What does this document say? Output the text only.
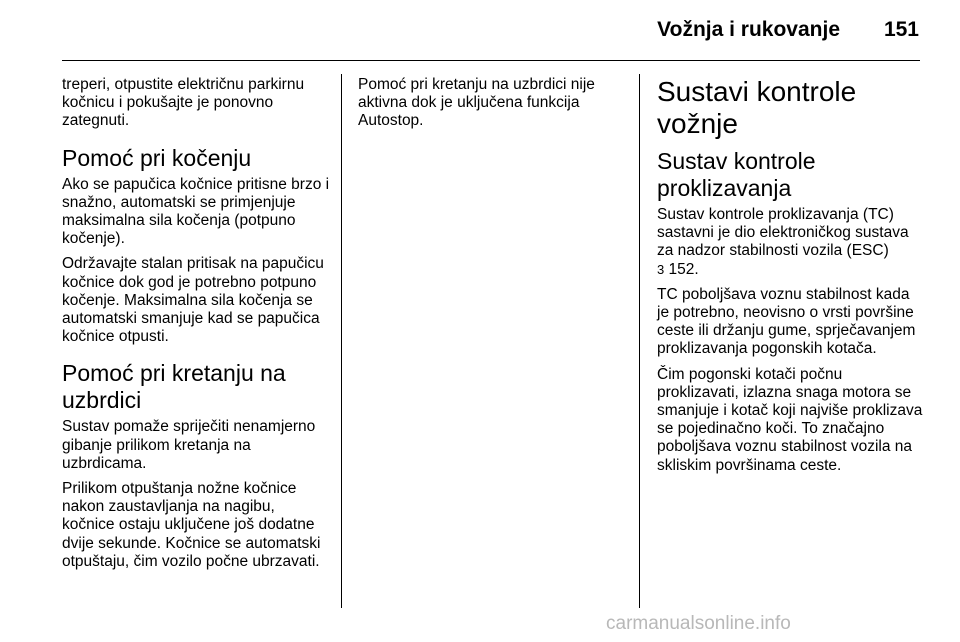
Vožnja i rukovanje 151

treperi, otpustite električnu parkirnu kočnicu i pokušajte je ponovno zategnuti.

Pomoć pri kočenju

Ako se papučica kočnice pritisne brzo i snažno, automatski se primjenjuje maksimalna sila kočenja (potpuno kočenje).

Održavajte stalan pritisak na papučicu kočnice dok god je potrebno potpuno kočenje. Maksimalna sila kočenja se automatski smanjuje kad se papučica kočnice otpusti.

Pomoć pri kretanju na uzbrdici

Sustav pomaže spriječiti nenamjerno gibanje prilikom kretanja na uzbrdicama.

Prilikom otpuštanja nožne kočnice nakon zaustavljanja na nagibu, kočnice ostaju uključene još dodatne dvije sekunde. Kočnice se automatski otpuštaju, čim vozilo počne ubrzavati.

Pomoć pri kretanju na uzbrdici nije aktivna dok je uključena funkcija Autostop.

Sustavi kontrole vožnje
Sustav kontrole proklizavanja

Sustav kontrole proklizavanja (TC) sastavni je dio elektroničkog sustava za nadzor stabilnosti vozila (ESC)
3 152.

TC poboljšava voznu stabilnost kada je potrebno, neovisno o vrsti površine ceste ili držanju gume, sprječavanjem proklizavanja pogonskih kotača.

Čim pogonski kotači počnu proklizavati, izlazna snaga motora se smanjuje i kotač koji najviše proklizava se pojedinačno koči. To značajno poboljšava voznu stabilnost vozila na skliskim površinama ceste.

carmanualsonline.info
